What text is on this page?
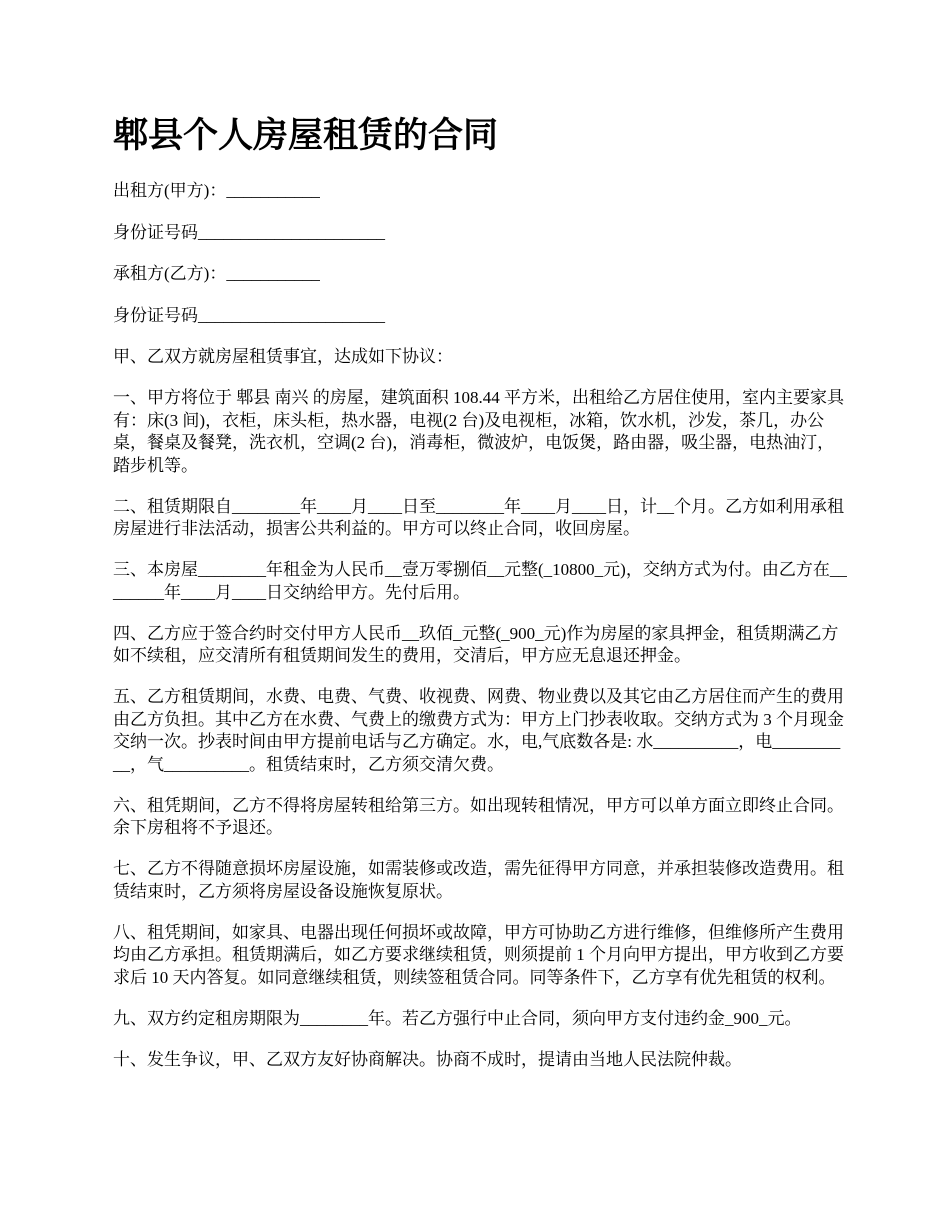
郫县个人房屋租赁的合同

出租方(甲方)：___________

身份证号码______________________

承租方(乙方)：___________

身份证号码______________________

甲、乙双方就房屋租赁事宜，达成如下协议：

一、甲方将位于 郫县 南兴 的房屋，建筑面积 108.44 平方米，出租给乙方居住使用，室内主要家具有：床(3 间)，衣柜，床头柜，热水器，电视(2 台)及电视柜，冰箱，饮水机，沙发，茶几，办公桌，餐桌及餐凳，洗衣机，空调(2 台)，消毒柜，微波炉，电饭煲，路由器，吸尘器，电热油汀，踏步机等。

二、租赁期限自________年____月____日至________年____月____日，计__个月。乙方如利用承租房屋进行非法活动，损害公共利益的。甲方可以终止合同，收回房屋。

三、本房屋________年租金为人民币__壹万零捌佰__元整(_10800_元)，交纳方式为付。由乙方在________年____月____日交纳给甲方。先付后用。

四、乙方应于签合约时交付甲方人民币__玖佰_元整(_900_元)作为房屋的家具押金，租赁期满乙方如不续租，应交清所有租赁期间发生的费用，交清后，甲方应无息退还押金。

五、乙方租赁期间，水费、电费、气费、收视费、网费、物业费以及其它由乙方居住而产生的费用由乙方负担。其中乙方在水费、气费上的缴费方式为：甲方上门抄表收取。交纳方式为 3 个月现金交纳一次。抄表时间由甲方提前电话与乙方确定。水，电,气底数各是: 水__________，电__________，气__________。租赁结束时，乙方须交清欠费。

六、租凭期间，乙方不得将房屋转租给第三方。如出现转租情况，甲方可以单方面立即终止合同。余下房租将不予退还。

七、乙方不得随意损坏房屋设施，如需装修或改造，需先征得甲方同意，并承担装修改造费用。租赁结束时，乙方须将房屋设备设施恢复原状。

八、租凭期间，如家具、电器出现任何损坏或故障，甲方可协助乙方进行维修，但维修所产生费用均由乙方承担。租赁期满后，如乙方要求继续租赁，则须提前 1 个月向甲方提出，甲方收到乙方要求后 10 天内答复。如同意继续租赁，则续签租赁合同。同等条件下，乙方享有优先租赁的权利。

九、双方约定租房期限为________年。若乙方强行中止合同，须向甲方支付违约金_900_元。

十、发生争议，甲、乙双方友好协商解决。协商不成时，提请由当地人民法院仲裁。
